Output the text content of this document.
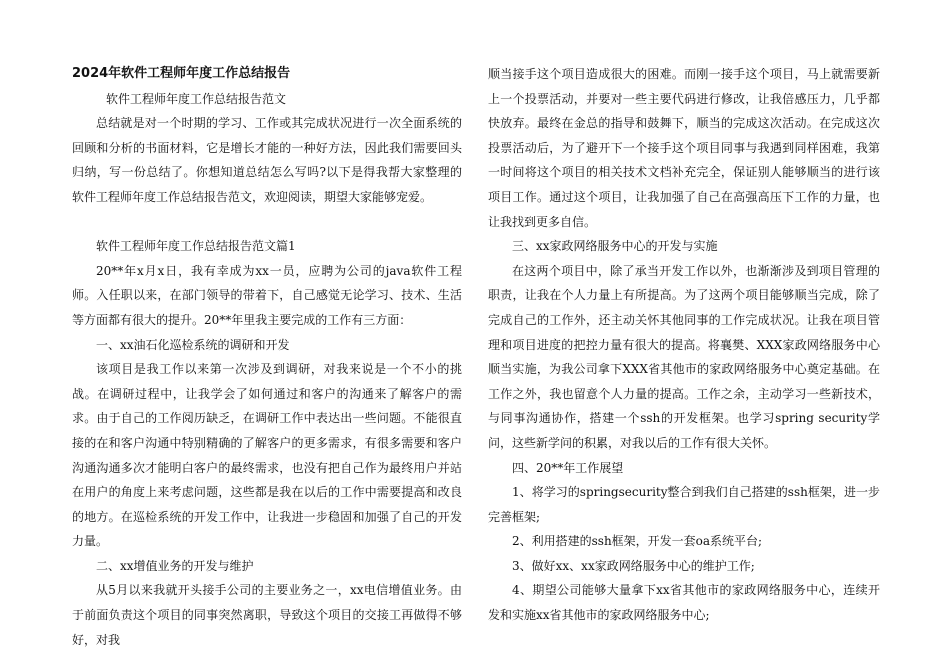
2024年软件工程师年度工作总结报告

软件工程师年度工作总结报告范文

总结就是对一个时期的学习、工作或其完成状况进行一次全面系统的回顾和分析的书面材料，它是增长才能的一种好方法，因此我们需要回头归纳，写一份总结了。你想知道总结怎么写吗?以下是得我帮大家整理的软件工程师年度工作总结报告范文，欢迎阅读，期望大家能够宠爱。

软件工程师年度工作总结报告范文篇1

20**年x月x日，我有幸成为xx一员，应聘为公司的java软件工程师。入任职以来，在部门领导的带着下，自己感觉无论学习、技术、生活等方面都有很大的提升。20**年里我主要完成的工作有三方面：

一、xx油石化巡检系统的调研和开发

该项目是我工作以来第一次涉及到调研，对我来说是一个不小的挑战。在调研过程中，让我学会了如何通过和客户的沟通来了解客户的需求。由于自己的工作阅历缺乏，在调研工作中表达出一些问题。不能很直接的在和客户沟通中特别精确的了解客户的更多需求，有很多需要和客户沟通沟通多次才能明白客户的最终需求，也没有把自己作为最终用户并站在用户的角度上来考虑问题，这些都是我在以后的工作中需要提高和改良的地方。在巡检系统的开发工作中，让我进一步稳固和加强了自己的开发力量。

二、xx增值业务的开发与维护

从5月以来我就开头接手公司的主要业务之一，xx电信增值业务。由于前面负责这个项目的同事突然离职，导致这个项目的交接工再做得不够好，对我

顺当接手这个项目造成很大的困难。而刚一接手这个项目，马上就需要新上一个投票活动，并要对一些主要代码进行修改，让我倍感压力，几乎都快放弃。最终在金总的指导和鼓舞下，顺当的完成这次活动。在完成这次投票活动后，为了避开下一个接手这个项目同事与我遇到同样困难，我第一时间将这个项目的相关技术文档补充完全，保证别人能够顺当的进行该项目工作。通过这个项目，让我加强了自己在高强高压下工作的力量，也让我找到更多自信。

三、xx家政网络服务中心的开发与实施

在这两个项目中，除了承当开发工作以外，也渐渐涉及到项目管理的职责，让我在个人力量上有所提高。为了这两个项目能够顺当完成，除了完成自己的工作外，还主动关怀其他同事的工作完成状况。让我在项目管理和项目进度的把控力量有很大的提高。将襄樊、XXX家政网络服务中心顺当实施，为我公司拿下XXX省其他市的家政网络服务中心奠定基础。在工作之外，我也留意个人力量的提高。工作之余，主动学习一些新技术，与同事沟通协作，搭建一个ssh的开发框架。也学习spring security学问，这些新学问的积累，对我以后的工作有很大关怀。

四、20**年工作展望

1、将学习的springsecurity整合到我们自己搭建的ssh框架，进一步完善框架;

2、利用搭建的ssh框架，开发一套oa系统平台;

3、做好xx、xx家政网络服务中心的维护工作;

4、期望公司能够大量拿下xx省其他市的家政网络服务中心，连续开发和实施xx省其他市的家政网络服务中心;
